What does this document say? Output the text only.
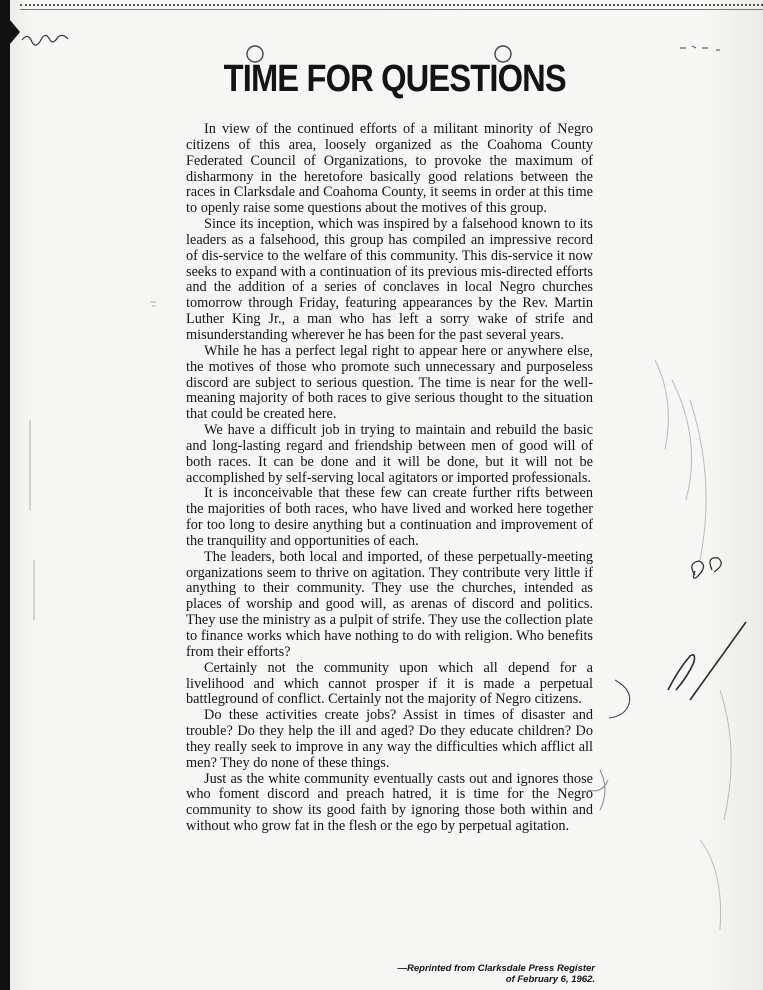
TIME FOR QUESTIONS

In view of the continued efforts of a militant minority of Negro citizens of this area, loosely organized as the Coahoma County Federated Council of Organizations, to provoke the maximum of disharmony in the heretofore basically good relations between the races in Clarksdale and Coahoma County, it seems in order at this time to openly raise some questions about the motives of this group.

Since its inception, which was inspired by a falsehood known to its leaders as a falsehood, this group has compiled an impressive record of dis-service to the welfare of this community. This dis-service it now seeks to expand with a continuation of its previous mis-directed efforts and the addition of a series of conclaves in local Negro churches tomorrow through Friday, featuring appearances by the Rev. Martin Luther King Jr., a man who has left a sorry wake of strife and misunderstanding wherever he has been for the past several years.

While he has a perfect legal right to appear here or anywhere else, the motives of those who promote such unnecessary and purposeless discord are subject to serious question. The time is near for the well-meaning majority of both races to give serious thought to the situation that could be created here.

We have a difficult job in trying to maintain and rebuild the basic and long-lasting regard and friendship between men of good will of both races. It can be done and it will be done, but it will not be accomplished by self-serving local agitators or imported professionals.

It is inconceivable that these few can create further rifts between the majorities of both races, who have lived and worked here together for too long to desire anything but a continuation and improvement of the tranquility and opportunities of each.

The leaders, both local and imported, of these perpetually-meeting organizations seem to thrive on agitation. They contribute very little if anything to their community. They use the churches, intended as places of worship and good will, as arenas of discord and politics. They use the ministry as a pulpit of strife. They use the collection plate to finance works which have nothing to do with religion. Who benefits from their efforts?

Certainly not the community upon which all depend for a livelihood and which cannot prosper if it is made a perpetual battleground of conflict. Certainly not the majority of Negro citizens.

Do these activities create jobs? Assist in times of disaster and trouble? Do they help the ill and aged? Do they educate children? Do they really seek to improve in any way the difficulties which afflict all men? They do none of these things.

Just as the white community eventually casts out and ignores those who foment discord and preach hatred, it is time for the Negro community to show its good faith by ignoring those both within and without who grow fat in the flesh or the ego by perpetual agitation.

—Reprinted from Clarksdale Press Register
of February 6, 1962.
